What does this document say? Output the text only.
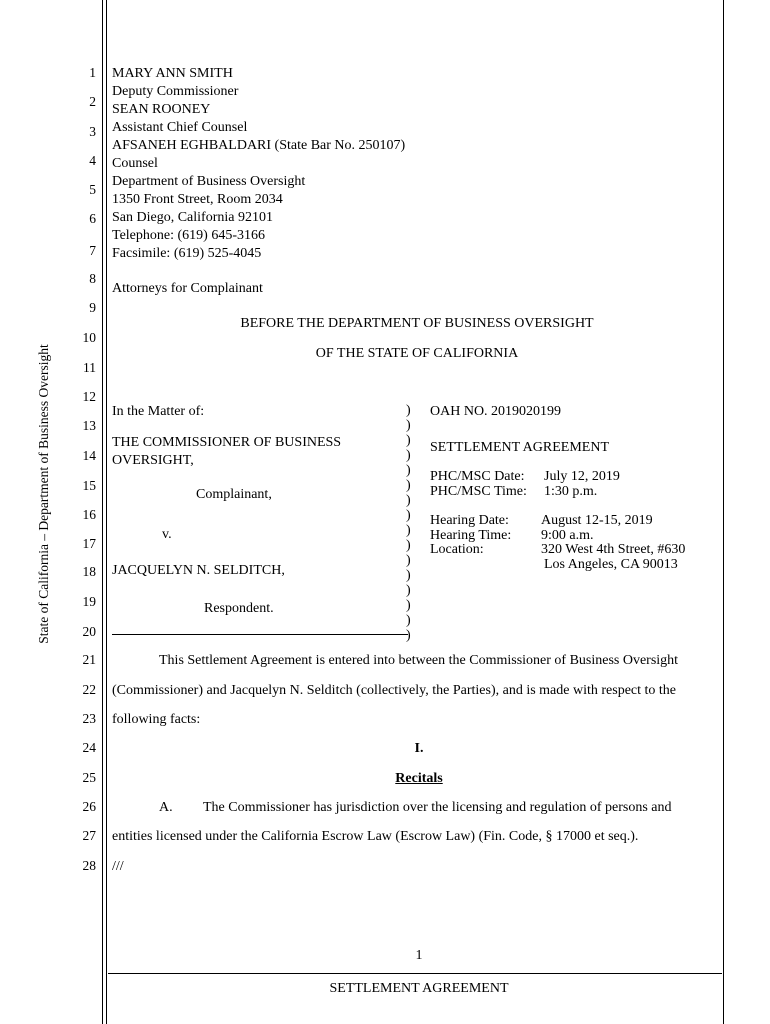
State of California – Department of Business Oversight
1
2
3
4
5
6
7
8
9
10
11
12
13
14
15
16
17
18
19
20
21
22
23
24
25
26
27
28
MARY ANN SMITH
Deputy Commissioner
SEAN ROONEY
Assistant Chief Counsel
AFSANEH EGHBALDARI (State Bar No. 250107)
Counsel
Department of Business Oversight
1350 Front Street, Room 2034
San Diego, California 92101
Telephone: (619) 645-3166
Facsimile: (619) 525-4045
Attorneys for Complainant
BEFORE THE DEPARTMENT OF BUSINESS OVERSIGHT
OF THE STATE OF CALIFORNIA
In the Matter of:
THE COMMISSIONER OF BUSINESS
OVERSIGHT,
Complainant,
v.
JACQUELYN N. SELDITCH,
Respondent.
)
)
)
)
)
)
)
)
)
)
)
)
)
)
)
)
OAH NO. 2019020199
SETTLEMENT AGREEMENT
PHC/MSC Date: July 12, 2019
PHC/MSC Time: 1:30 p.m.
Hearing Date: August 12-15, 2019
Hearing Time: 9:00 a.m.
Location:	320 West 4th Street, #630
Los Angeles, CA 90013
This Settlement Agreement is entered into between the Commissioner of Business Oversight
(Commissioner) and Jacquelyn N. Selditch (collectively, the Parties), and is made with respect to the
following facts:
I.
Recitals
A. The Commissioner has jurisdiction over the licensing and regulation of persons and
entities licensed under the California Escrow Law (Escrow Law) (Fin. Code, § 17000 et seq.).
///
1
SETTLEMENT AGREEMENT
